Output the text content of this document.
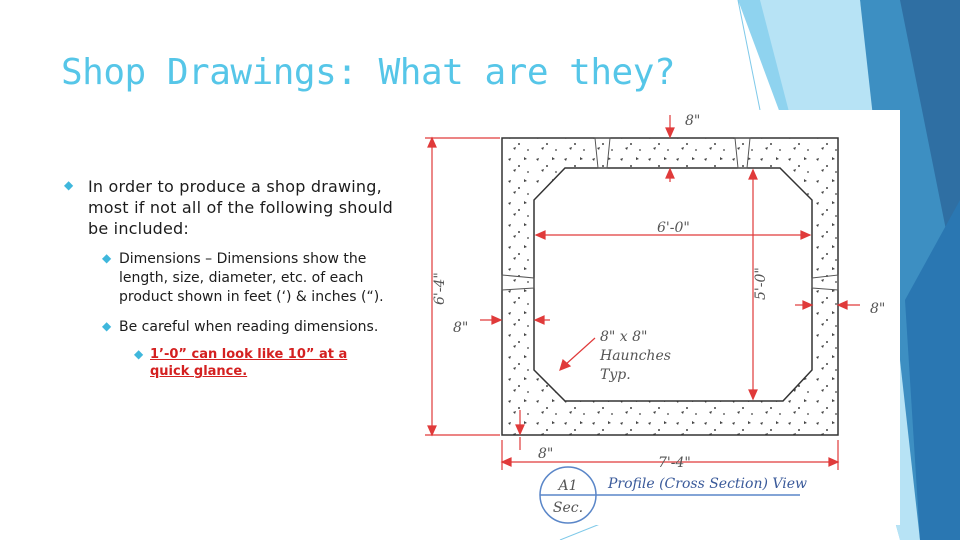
Shop Drawings: What are they?
◆ In order to produce a shop drawing, most if not all of the following should be included:
◆ Dimensions – Dimensions show the length, size, diameter, etc. of each product shown in feet (‘) & inches (“).
◆ Be careful when reading dimensions.
◆ 1’-0” can look like 10” at a quick glance.
8"
6'-0"
5'-0"
6'-4"
8"
8"
8" x 8"
Haunches
Typ.
8"
7'-4"
A1
Sec.
Profile (Cross Section) View
